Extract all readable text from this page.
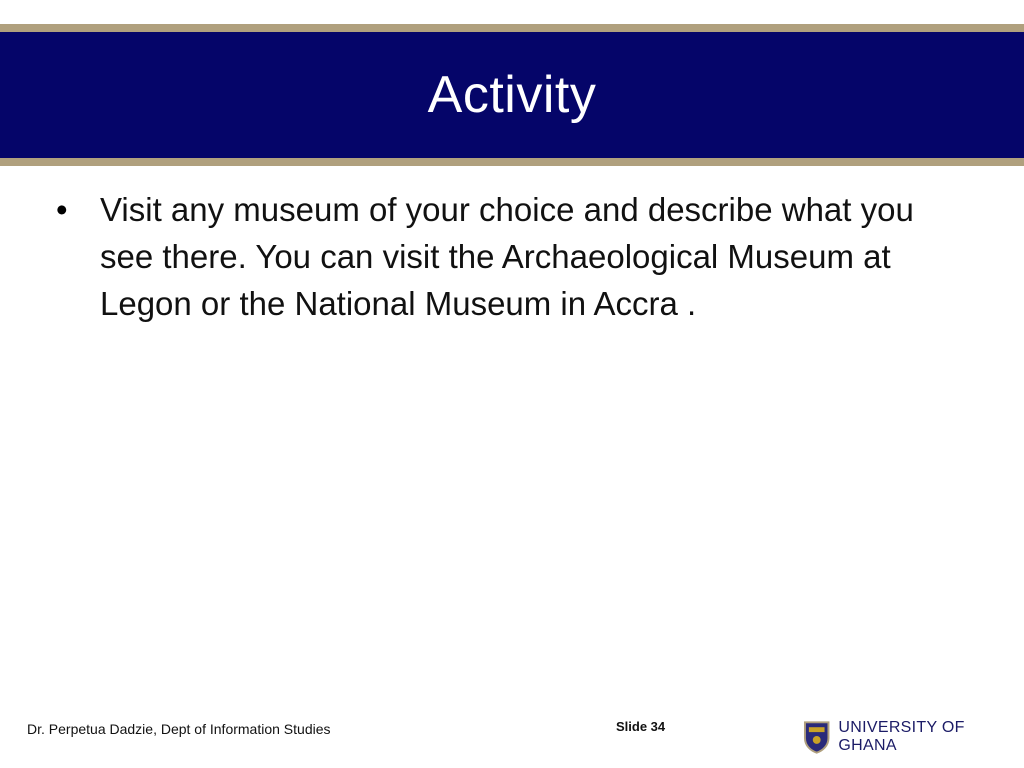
Activity
• Visit any museum of your choice and describe what you see there. You can visit the Archaeological Museum at Legon or the National Museum in Accra .
Dr. Perpetua Dadzie, Dept of Information Studies	Slide 34	UNIVERSITY OF GHANA
